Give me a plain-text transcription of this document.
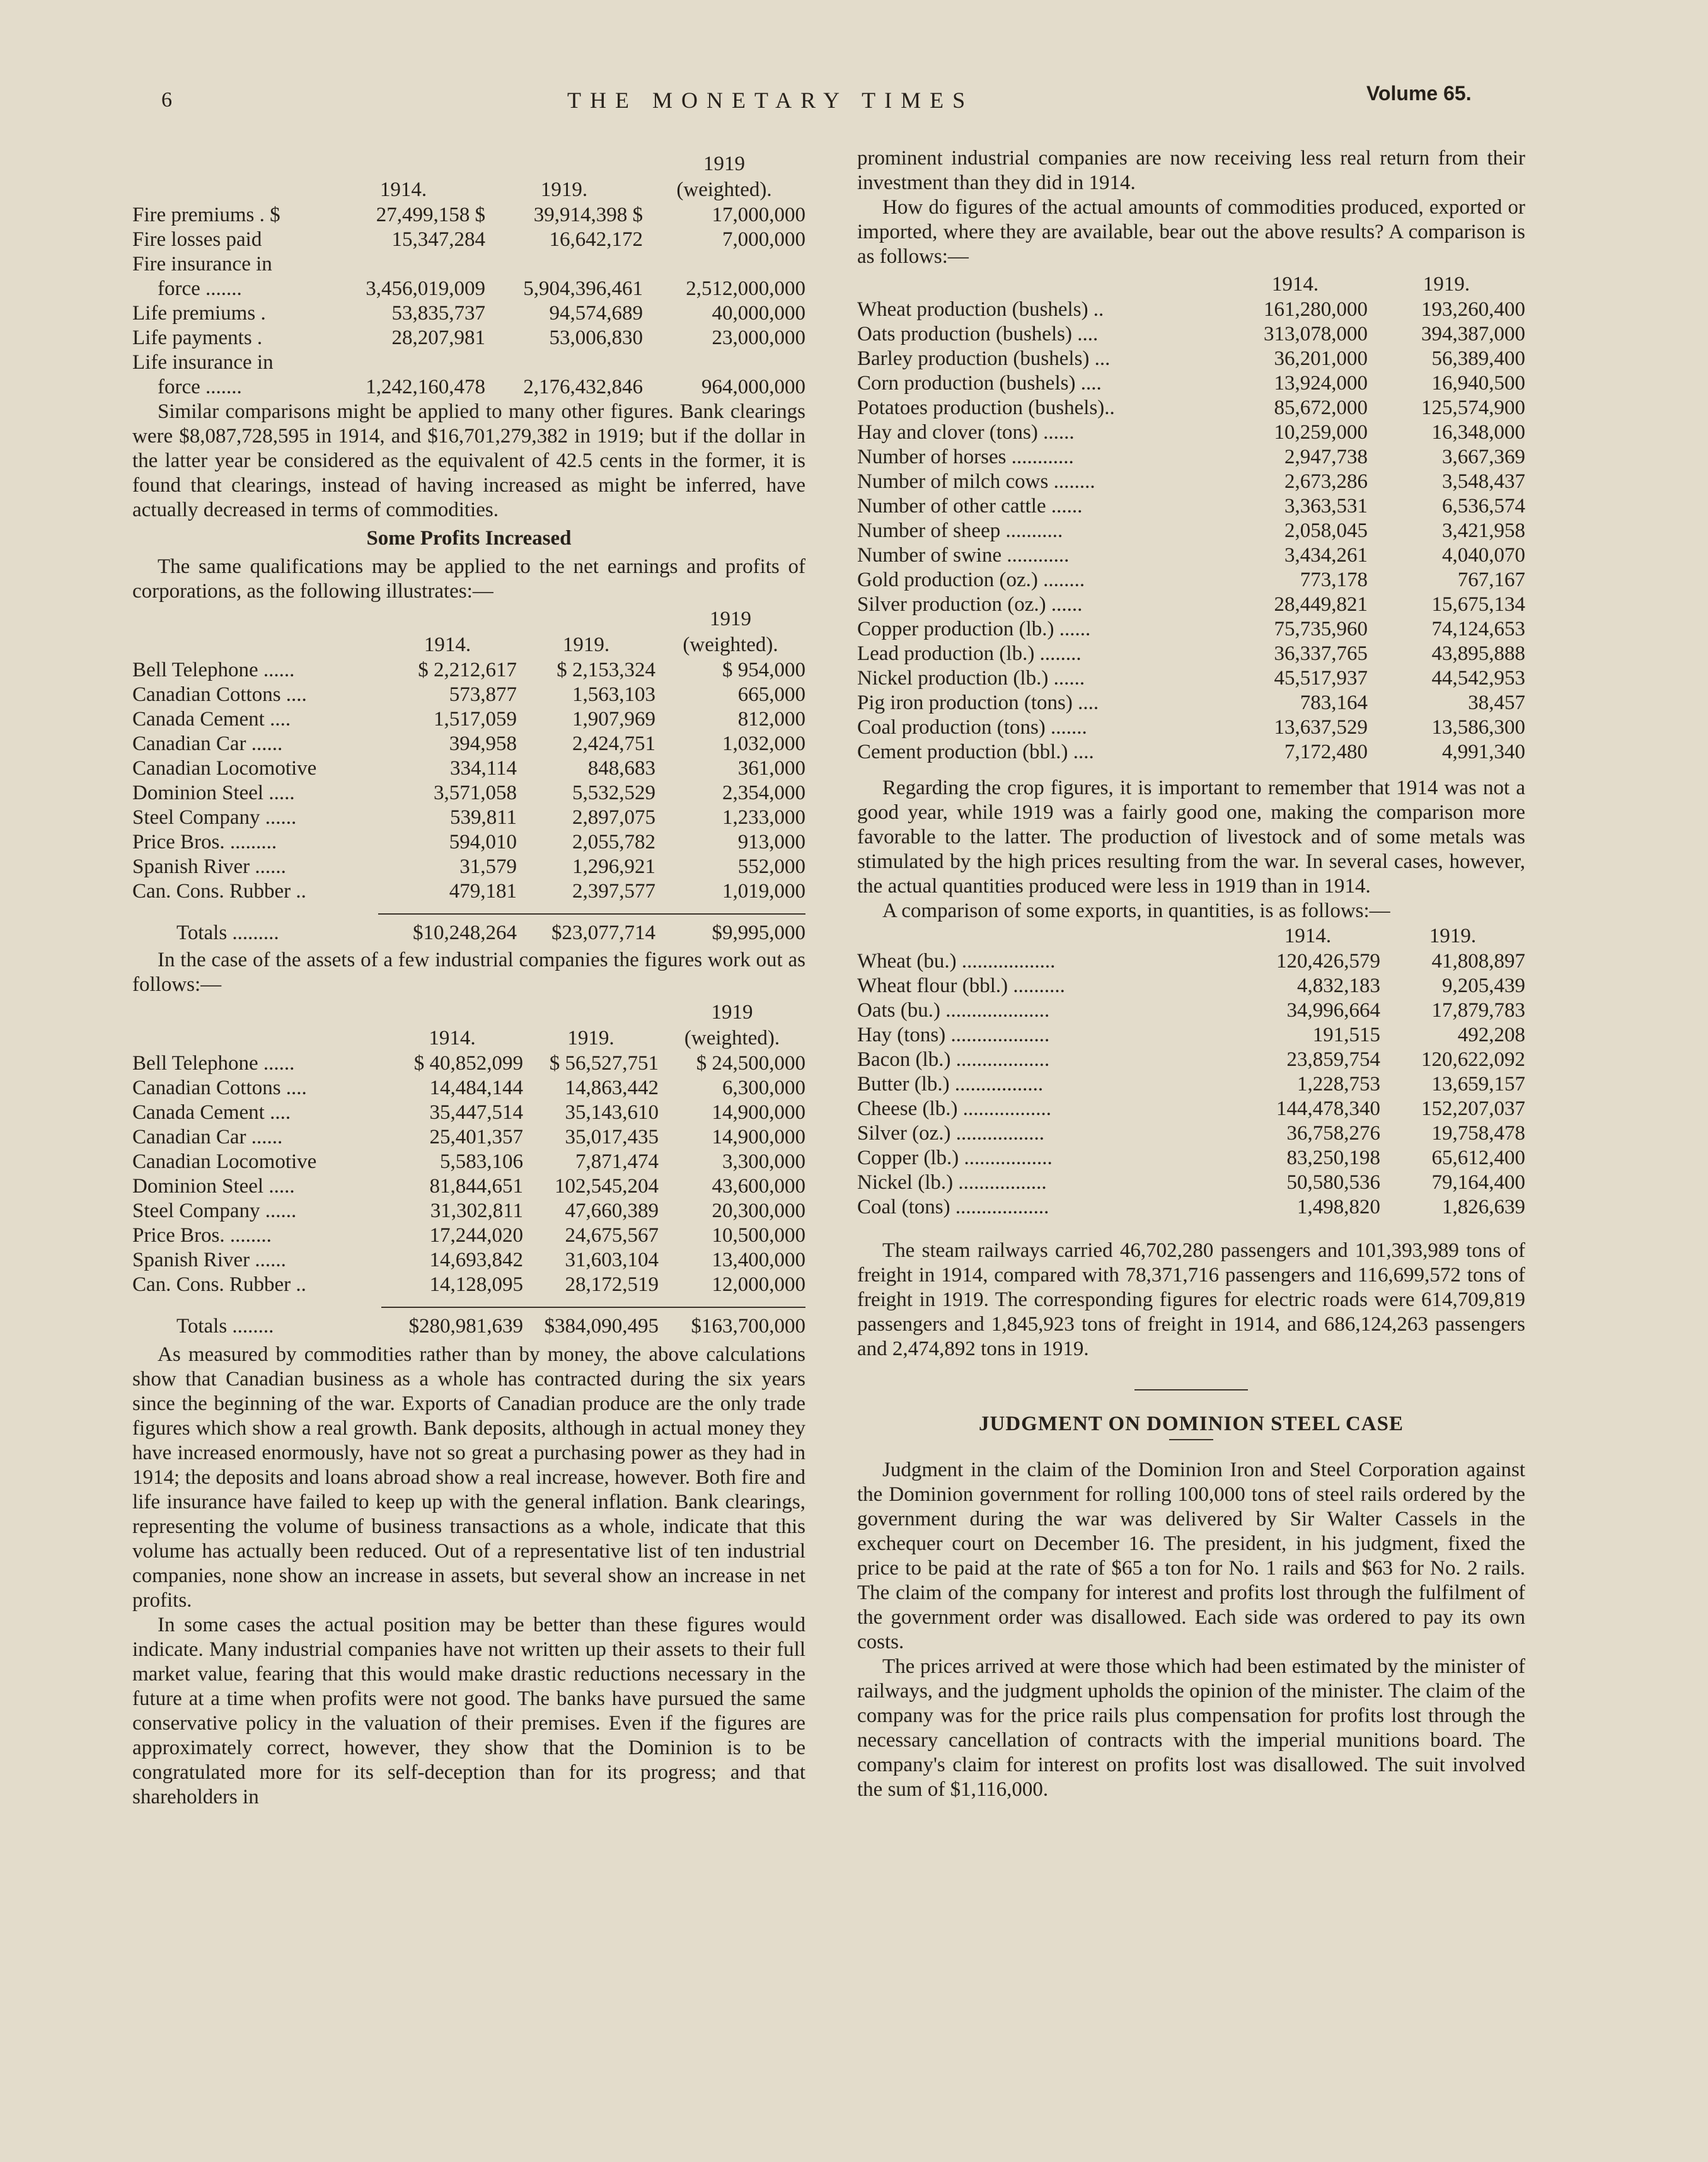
6	THE MONETARY TIMES	Volume 65.
			1919
	1914.	1919.	(weighted).
Fire premiums . $	27,499,158 $	39,914,398 $	17,000,000
Fire losses paid	15,347,284	16,642,172	7,000,000
Fire insurance in			
force .......	3,456,019,009	5,904,396,461	2,512,000,000
Life premiums .	53,835,737	94,574,689	40,000,000
Life payments .	28,207,981	53,006,830	23,000,000
Life insurance in			
force .......	1,242,160,478	2,176,432,846	964,000,000

Similar comparisons might be applied to many other figures. Bank clearings were $8,087,728,595 in 1914, and $16,701,279,382 in 1919; but if the dollar in the latter year be considered as the equivalent of 42.5 cents in the former, it is found that clearings, instead of having increased as might be inferred, have actually decreased in terms of commodities.

Some Profits Increased

The same qualifications may be applied to the net earnings and profits of corporations, as the following illustrates:—

			1919
	1914.	1919.	(weighted).
Bell Telephone ......	$ 2,212,617	$ 2,153,324	$ 954,000
Canadian Cottons ....	573,877	1,563,103	665,000
Canada Cement ....	1,517,059	1,907,969	812,000
Canadian Car ......	394,958	2,424,751	1,032,000
Canadian Locomotive	334,114	848,683	361,000
Dominion Steel .....	3,571,058	5,532,529	2,354,000
Steel Company ......	539,811	2,897,075	1,233,000
Price Bros. .........	594,010	2,055,782	913,000
Spanish River ......	31,579	1,296,921	552,000
Can. Cons. Rubber ..	479,181	2,397,577	1,019,000

Totals .........	$10,248,264	$23,077,714	$9,995,000

In the case of the assets of a few industrial companies the figures work out as follows:—

			1919
	1914.	1919.	(weighted).
Bell Telephone ......	$ 40,852,099	$ 56,527,751	$ 24,500,000
Canadian Cottons ....	14,484,144	14,863,442	6,300,000
Canada Cement ....	35,447,514	35,143,610	14,900,000
Canadian Car ......	25,401,357	35,017,435	14,900,000
Canadian Locomotive	5,583,106	7,871,474	3,300,000
Dominion Steel .....	81,844,651	102,545,204	43,600,000
Steel Company ......	31,302,811	47,660,389	20,300,000
Price Bros. ........	17,244,020	24,675,567	10,500,000
Spanish River ......	14,693,842	31,603,104	13,400,000
Can. Cons. Rubber ..	14,128,095	28,172,519	12,000,000

Totals ........	$280,981,639	$384,090,495	$163,700,000

As measured by commodities rather than by money, the above calculations show that Canadian business as a whole has contracted during the six years since the beginning of the war. Exports of Canadian produce are the only trade figures which show a real growth. Bank deposits, although in actual money they have increased enormously, have not so great a purchasing power as they had in 1914; the deposits and loans abroad show a real increase, however. Both fire and life insurance have failed to keep up with the general inflation. Bank clearings, representing the volume of business transactions as a whole, indicate that this volume has actually been reduced. Out of a representative list of ten industrial companies, none show an increase in assets, but several show an increase in net profits.

In some cases the actual position may be better than these figures would indicate. Many industrial companies have not written up their assets to their full market value, fearing that this would make drastic reductions necessary in the future at a time when profits were not good. The banks have pursued the same conservative policy in the valuation of their premises. Even if the figures are approximately correct, however, they show that the Dominion is to be congratulated more for its self-deception than for its progress; and that shareholders in

prominent industrial companies are now receiving less real return from their investment than they did in 1914.

How do figures of the actual amounts of commodities produced, exported or imported, where they are available, bear out the above results? A comparison is as follows:—

	1914.	1919.
Wheat production (bushels) ..	161,280,000	193,260,400
Oats production (bushels) ....	313,078,000	394,387,000
Barley production (bushels) ...	36,201,000	56,389,400
Corn production (bushels) ....	13,924,000	16,940,500
Potatoes production (bushels)..	85,672,000	125,574,900
Hay and clover (tons) ......	10,259,000	16,348,000
Number of horses ............	2,947,738	3,667,369
Number of milch cows ........	2,673,286	3,548,437
Number of other cattle ......	3,363,531	6,536,574
Number of sheep ...........	2,058,045	3,421,958
Number of swine ............	3,434,261	4,040,070
Gold production (oz.) ........	773,178	767,167
Silver production (oz.) ......	28,449,821	15,675,134
Copper production (lb.) ......	75,735,960	74,124,653
Lead production (lb.) ........	36,337,765	43,895,888
Nickel production (lb.) ......	45,517,937	44,542,953
Pig iron production (tons) ....	783,164	38,457
Coal production (tons) .......	13,637,529	13,586,300
Cement production (bbl.) ....	7,172,480	4,991,340

Regarding the crop figures, it is important to remember that 1914 was not a good year, while 1919 was a fairly good one, making the comparison more favorable to the latter. The production of livestock and of some metals was stimulated by the high prices resulting from the war. In several cases, however, the actual quantities produced were less in 1919 than in 1914.

A comparison of some exports, in quantities, is as follows:—

	1914.	1919.
Wheat (bu.) ..................	120,426,579	41,808,897
Wheat flour (bbl.) ..........	4,832,183	9,205,439
Oats (bu.) ....................	34,996,664	17,879,783
Hay (tons) ...................	191,515	492,208
Bacon (lb.) ..................	23,859,754	120,622,092
Butter (lb.) .................	1,228,753	13,659,157
Cheese (lb.) .................	144,478,340	152,207,037
Silver (oz.) .................	36,758,276	19,758,478
Copper (lb.) .................	83,250,198	65,612,400
Nickel (lb.) .................	50,580,536	79,164,400
Coal (tons) ..................	1,498,820	1,826,639

The steam railways carried 46,702,280 passengers and 101,393,989 tons of freight in 1914, compared with 78,371,716 passengers and 116,699,572 tons of freight in 1919. The corresponding figures for electric roads were 614,709,819 passengers and 1,845,923 tons of freight in 1914, and 686,124,263 passengers and 2,474,892 tons in 1919.

JUDGMENT ON DOMINION STEEL CASE

Judgment in the claim of the Dominion Iron and Steel Corporation against the Dominion government for rolling 100,000 tons of steel rails ordered by the government during the war was delivered by Sir Walter Cassels in the exchequer court on December 16. The president, in his judgment, fixed the price to be paid at the rate of $65 a ton for No. 1 rails and $63 for No. 2 rails. The claim of the company for interest and profits lost through the fulfilment of the government order was disallowed. Each side was ordered to pay its own costs.

The prices arrived at were those which had been estimated by the minister of railways, and the judgment upholds the opinion of the minister. The claim of the company was for the price rails plus compensation for profits lost through the necessary cancellation of contracts with the imperial munitions board. The company's claim for interest on profits lost was disallowed. The suit involved the sum of $1,116,000.
